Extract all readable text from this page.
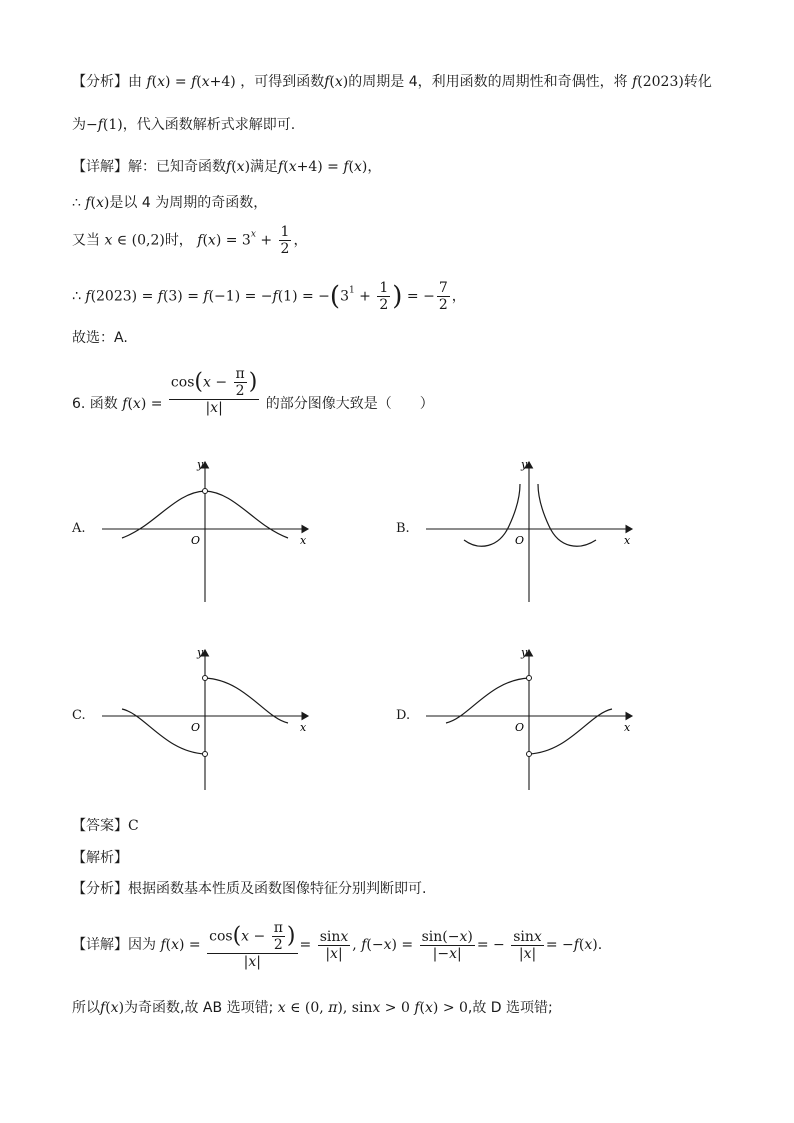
【分析】由 f(x) = f(x+4) ，可得到函数f(x)的周期是 4，利用函数的周期性和奇偶性，将 f(2023)转化
为−f(1)，代入函数解析式求解即可.
【详解】解：已知奇函数f(x)满足f(x+4) = f(x)，
∴ f(x)是以 4 为周期的奇函数，
又当 x ∈ (0,2)时， $f(x) = 3^x + \frac{1}{2}$ ，
∴ $f(2023) = f(3) = f(-1) = -f(1) = -(3^1 + \frac{1}{2}$ ) = − $\frac{7}{2}$ ，
故选：A.
6. 函数 $f(x) = \frac{\cos(x - \frac{\pi}{2} )}{|x|}$ 的部分图像大致是（　　）
A.	B.
C.	D.
y
x
O
y
x
O
y
x
O
y
x
O
【答案】C
【解析】
【分析】根据函数基本性质及函数图像特征分别判断即可.
【详解】因为 $f(x) = \frac{\cos(x - \frac{\pi}{2} )}{|x|} = \frac{\sin x}{|x|}$ , $f(-x) = \frac{\sin(-x)}{|-x|}$ = − $\frac{\sin x}{|x|} = -f(x)$.
所以f(x)为奇函数,故 AB 选项错; x ∈ (0, π), sinx > 0 f(x) > 0,故 D 选项错;
